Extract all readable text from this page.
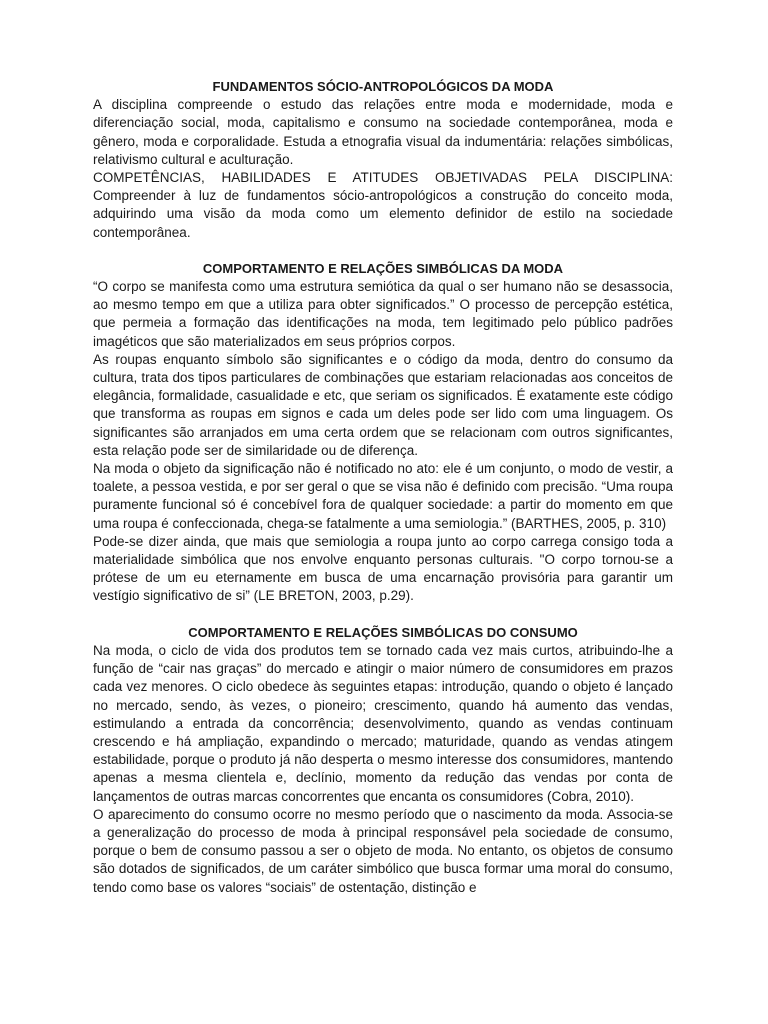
FUNDAMENTOS SÓCIO-ANTROPOLÓGICOS DA MODA

A disciplina compreende o estudo das relações entre moda e modernidade, moda e diferenciação social, moda, capitalismo e consumo na sociedade contemporânea, moda e gênero, moda e corporalidade. Estuda a etnografia visual da indumentária: relações simbólicas, relativismo cultural e aculturação.

COMPETÊNCIAS, HABILIDADES E ATITUDES OBJETIVADAS PELA DISCIPLINA: Compreender à luz de fundamentos sócio-antropológicos a construção do conceito moda, adquirindo uma visão da moda como um elemento definidor de estilo na sociedade contemporânea.

COMPORTAMENTO E RELAÇÕES SIMBÓLICAS DA MODA

“O corpo se manifesta como uma estrutura semiótica da qual o ser humano não se desassocia, ao mesmo tempo em que a utiliza para obter significados.” O processo de percepção estética, que permeia a formação das identificações na moda, tem legitimado pelo público padrões imagéticos que são materializados em seus próprios corpos.

As roupas enquanto símbolo são significantes e o código da moda, dentro do consumo da cultura, trata dos tipos particulares de combinações que estariam relacionadas aos conceitos de elegância, formalidade, casualidade e etc, que seriam os significados. É exatamente este código que transforma as roupas em signos e cada um deles pode ser lido com uma linguagem. Os significantes são arranjados em uma certa ordem que se relacionam com outros significantes, esta relação pode ser de similaridade ou de diferença.

Na moda o objeto da significação não é notificado no ato: ele é um conjunto, o modo de vestir, a toalete, a pessoa vestida, e por ser geral o que se visa não é definido com precisão. “Uma roupa puramente funcional só é concebível fora de qualquer sociedade: a partir do momento em que uma roupa é confeccionada, chega-se fatalmente a uma semiologia.” (BARTHES, 2005, p. 310)

Pode-se dizer ainda, que mais que semiologia a roupa junto ao corpo carrega consigo toda a materialidade simbólica que nos envolve enquanto personas culturais. "O corpo tornou-se a prótese de um eu eternamente em busca de uma encarnação provisória para garantir um vestígio significativo de si” (LE BRETON, 2003, p.29).

COMPORTAMENTO E RELAÇÕES SIMBÓLICAS DO CONSUMO

Na moda, o ciclo de vida dos produtos tem se tornado cada vez mais curtos, atribuindo-lhe a função de “cair nas graças” do mercado e atingir o maior número de consumidores em prazos cada vez menores. O ciclo obedece às seguintes etapas: introdução, quando o objeto é lançado no mercado, sendo, às vezes, o pioneiro; crescimento, quando há aumento das vendas, estimulando a entrada da concorrência; desenvolvimento, quando as vendas continuam crescendo e há ampliação, expandindo o mercado; maturidade, quando as vendas atingem estabilidade, porque o produto já não desperta o mesmo interesse dos consumidores, mantendo apenas a mesma clientela e, declínio, momento da redução das vendas por conta de lançamentos de outras marcas concorrentes que encanta os consumidores (Cobra, 2010).

O aparecimento do consumo ocorre no mesmo período que o nascimento da moda. Associa-se a generalização do processo de moda à principal responsável pela sociedade de consumo, porque o bem de consumo passou a ser o objeto de moda. No entanto, os objetos de consumo são dotados de significados, de um caráter simbólico que busca formar uma moral do consumo, tendo como base os valores “sociais” de ostentação, distinção e
